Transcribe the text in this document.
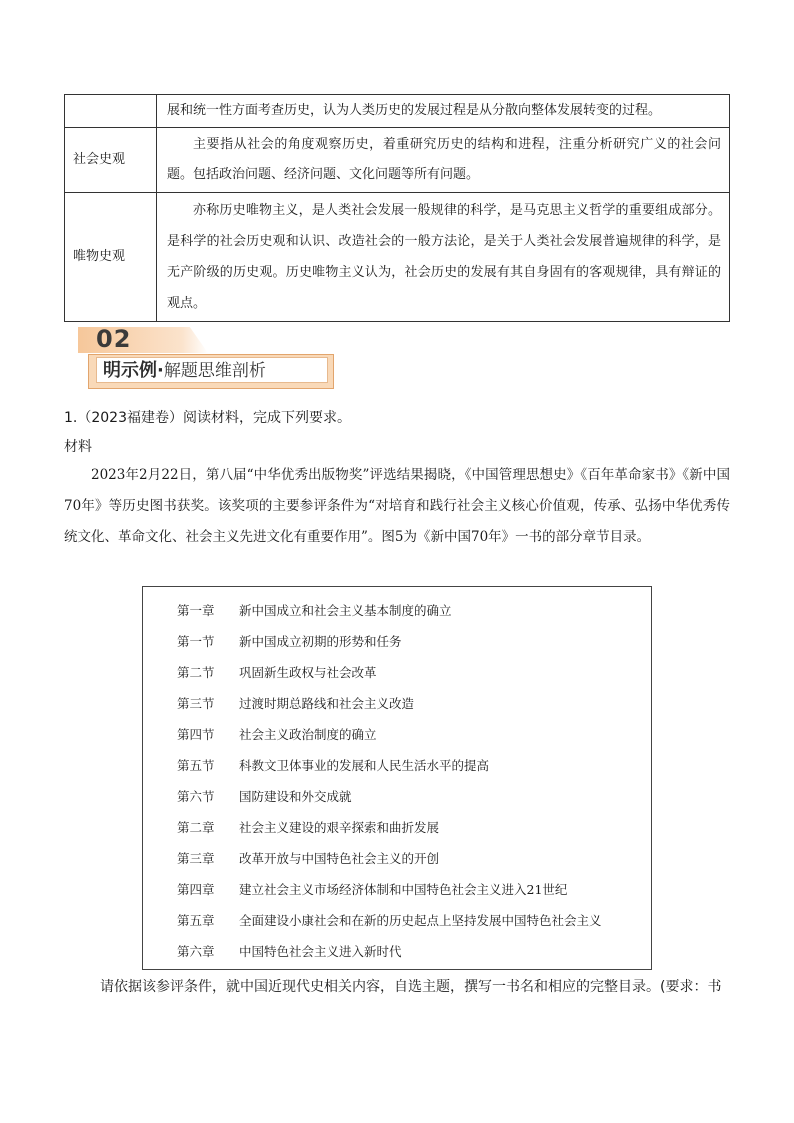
	展和统一性方面考查历史，认为人类历史的发展过程是从分散向整体发展转变的过程。
社会史观	主要指从社会的角度观察历史，着重研究历史的结构和进程，注重分析研究广义的社会问题。包括政治问题、经济问题、文化问题等所有问题。
唯物史观	亦称历史唯物主义，是人类社会发展一般规律的科学，是马克思主义哲学的重要组成部分。是科学的社会历史观和认识、改造社会的一般方法论，是关于人类社会发展普遍规律的科学，是无产阶级的历史观。历史唯物主义认为，社会历史的发展有其自身固有的客观规律，具有辩证的观点。
02
明示例·解题思维剖析
1.（2023福建卷）阅读材料，完成下列要求。
材料

2023年2月22日，第八届“中华优秀出版物奖”评选结果揭晓，《中国管理思想史》《百年革命家书》《新中国70年》等历史图书获奖。该奖项的主要参评条件为“对培育和践行社会主义核心价值观，传承、弘扬中华优秀传统文化、革命文化、社会主义先进文化有重要作用”。图5为《新中国70年》一书的部分章节目录。

第一章 新中国成立和社会主义基本制度的确立
第一节 新中国成立初期的形势和任务
第二节 巩固新生政权与社会改革
第三节 过渡时期总路线和社会主义改造
第四节 社会主义政治制度的确立
第五节 科教文卫体事业的发展和人民生活水平的提高
第六节 国防建设和外交成就
第二章 社会主义建设的艰辛探索和曲折发展
第三章 改革开放与中国特色社会主义的开创
第四章 建立社会主义市场经济体制和中国特色社会主义进入21世纪
第五章 全面建设小康社会和在新的历史起点上坚持发展中国特色社会主义
第六章 中国特色社会主义进入新时代
请依据该参评条件，就中国近现代史相关内容，自选主题，撰写一书名和相应的完整目录。(要求：书
